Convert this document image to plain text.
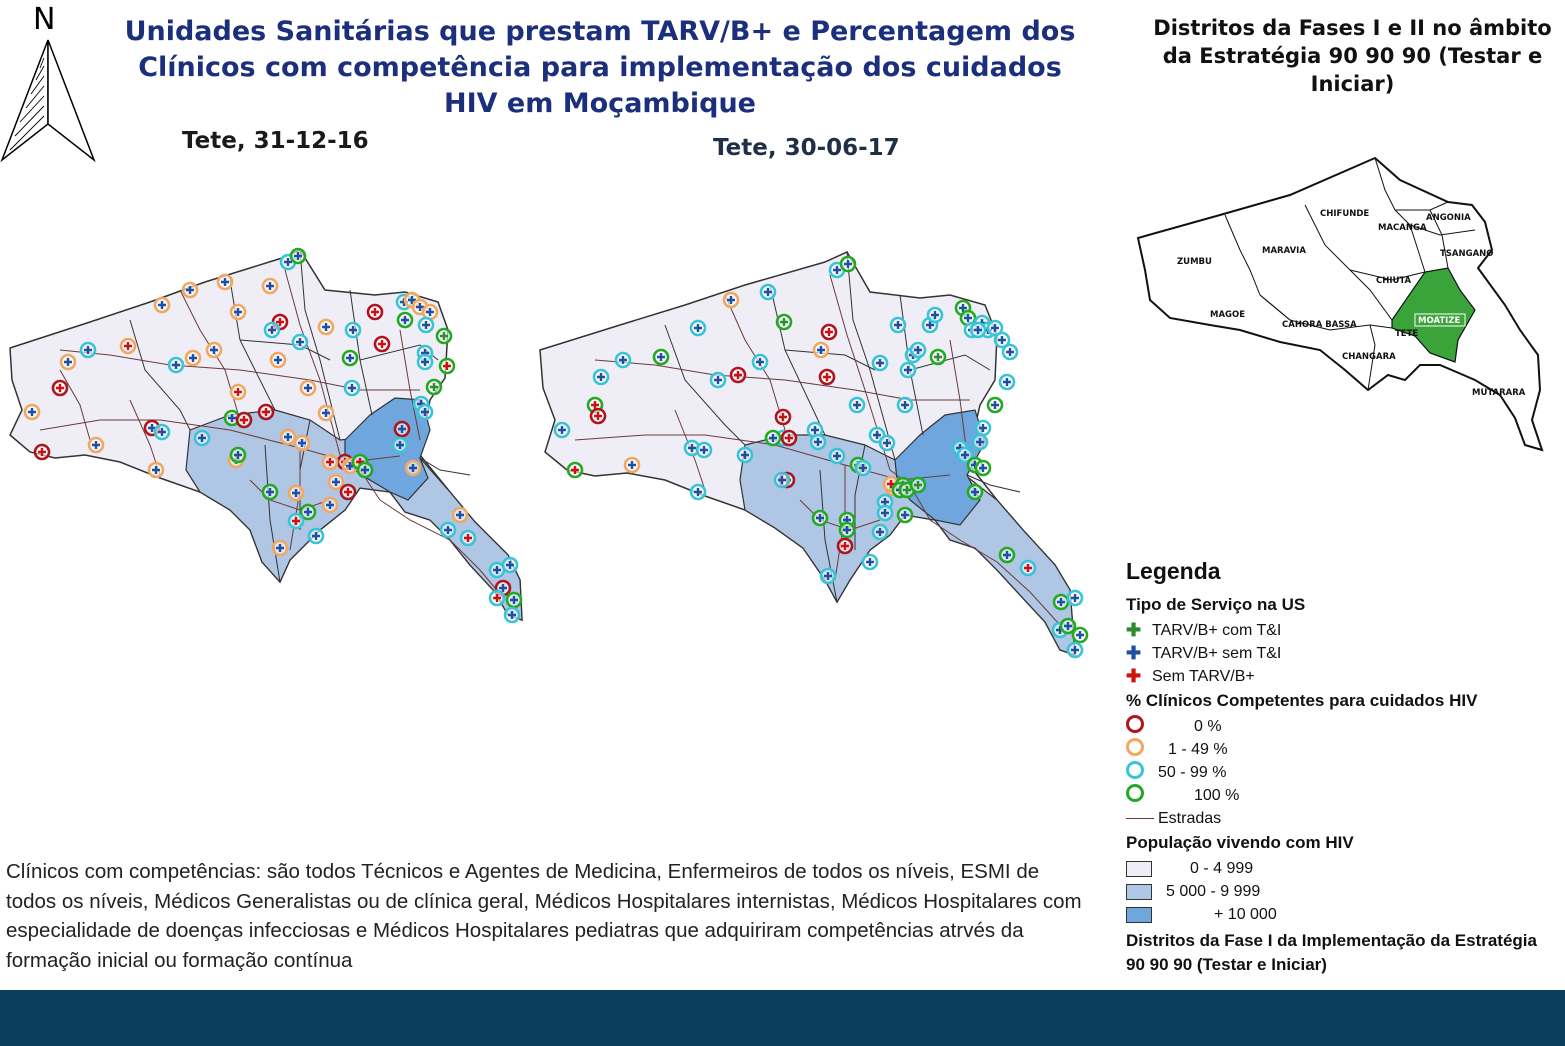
Unidades Sanitárias que prestam TARV/B+ e Percentagem dos Clínicos com competência para implementação dos cuidados HIV em Moçambique
N
Tete, 31-12-16	Tete, 30-06-17
Distritos da Fases I e II no âmbito da Estratégia 90 90 90 (Testar e Iniciar)
CHIFUNDE	ANGONIA
MACANGA
TSANGANO
ZUMBU
MARAVIA
CHIUTA
MAGOE
CAHORA BASSA
TETE
MOATIZE
CHANGARA
MUTARARA
Legenda
Tipo de Serviço na US
✚ TARV/B+ com T&I
✚ TARV/B+ sem T&I
✚ Sem TARV/B+
% Clínicos Competentes para cuidados HIV
0 %
1 - 49 %
50 - 99 %
100 %
Estradas
População vivendo com HIV
0 - 4 999
5 000 - 9 999
+ 10 000
Distritos da Fase I da Implementação da Estratégia 90 90 90 (Testar e Iniciar)
Clínicos com competências: são todos Técnicos e Agentes de Medicina, Enfermeiros de todos os níveis, ESMI de todos os níveis, Médicos Generalistas ou de clínica geral, Médicos Hospitalares internistas, Médicos Hospitalares com especialidade de doenças infecciosas e Médicos Hospitalares pediatras que adquiriram competências atrvés da formação inicial ou formação contínua
